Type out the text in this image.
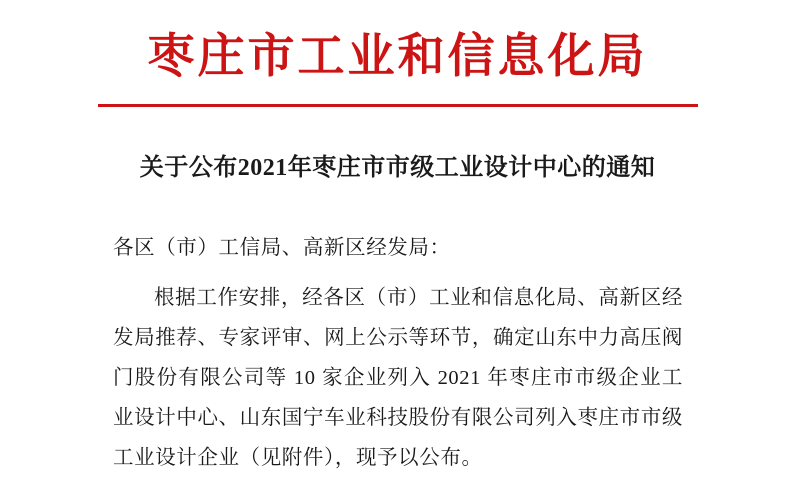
枣庄市工业和信息化局
关于公布2021年枣庄市市级工业设计中心的通知
各区（市）工信局、高新区经发局：
根据工作安排，经各区（市）工业和信息化局、高新区经发局推荐、专家评审、网上公示等环节，确定山东中力高压阀门股份有限公司等 10 家企业列入 2021 年枣庄市市级企业工业设计中心、山东国宁车业科技股份有限公司列入枣庄市市级工业设计企业（见附件），现予以公布。
